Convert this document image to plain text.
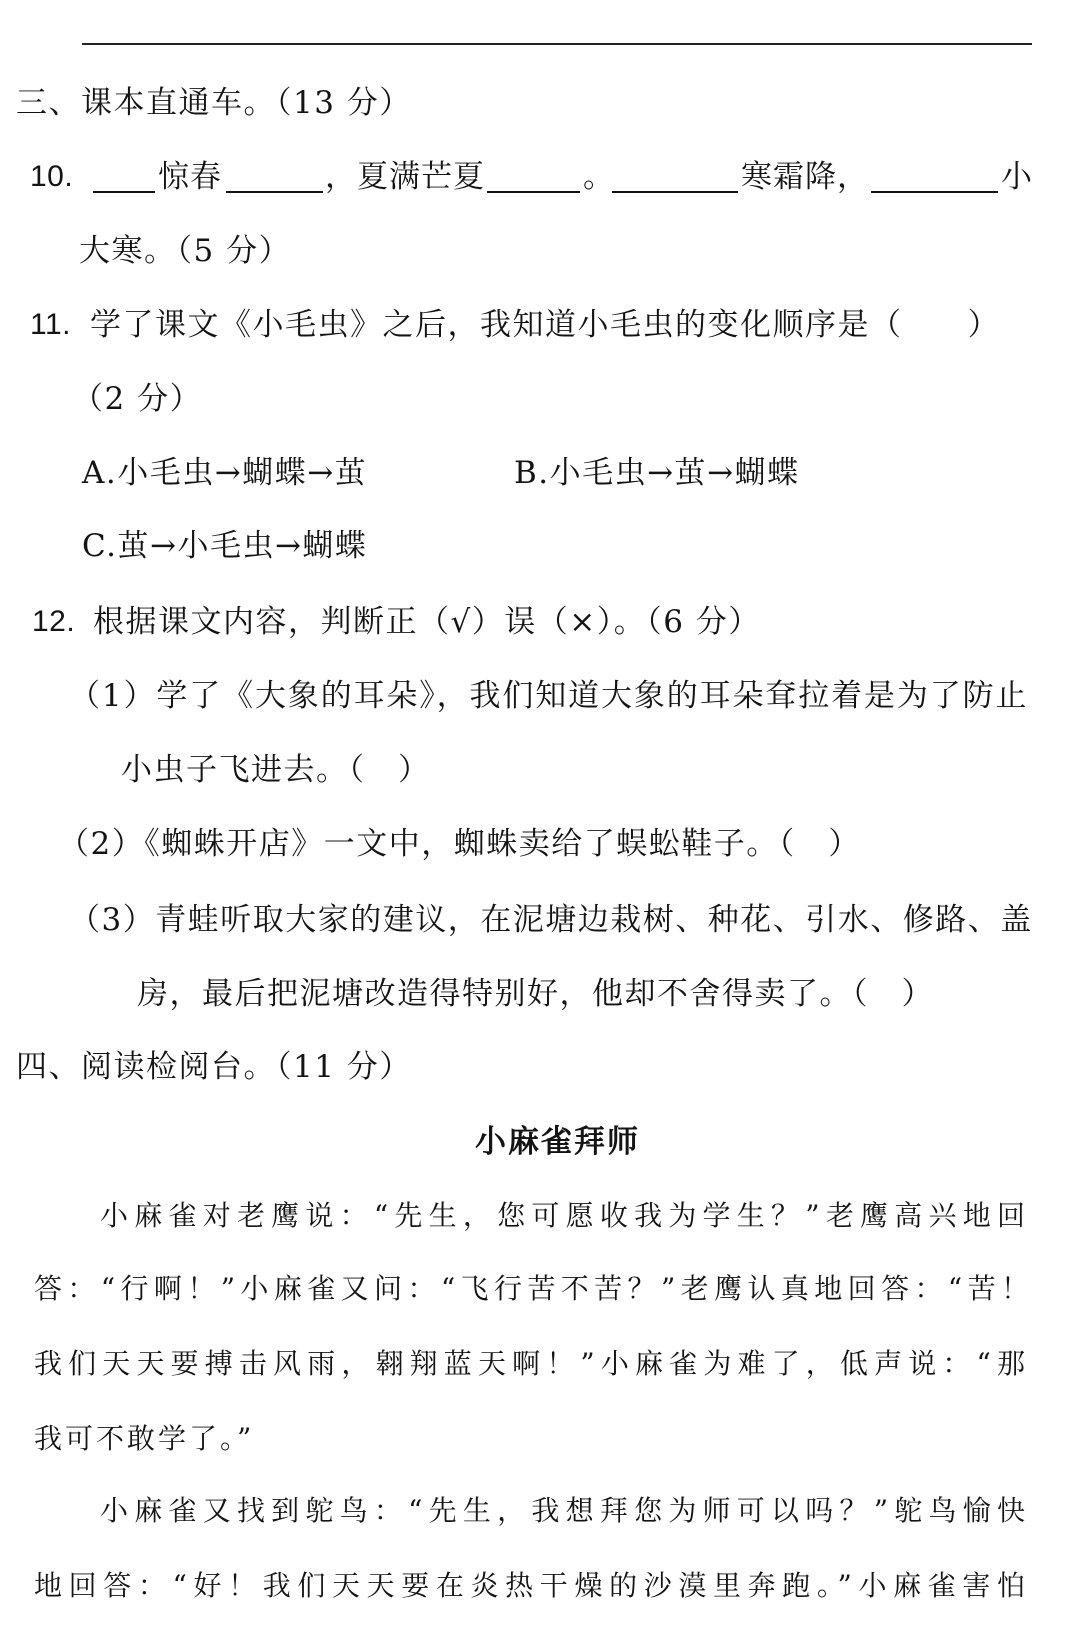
三、课本直通车。（13 分）
10.	惊春	，夏满芒夏	。	寒霜降，	小
大寒。（5 分）
11. 学了课文《小毛虫》之后，我知道小毛虫的变化顺序是（　　）
（2 分）
A.小毛虫→蝴蝶→茧	B.小毛虫→茧→蝴蝶
C.茧→小毛虫→蝴蝶
12. 根据课文内容，判断正（√）误（×）。（6 分）
（1）学了《大象的耳朵》，我们知道大象的耳朵耷拉着是为了防止
小虫子飞进去。（　）
（2）《蜘蛛开店》一文中，蜘蛛卖给了蜈蚣鞋子。（　）
（3）青蛙听取大家的建议，在泥塘边栽树、种花、引水、修路、盖
房，最后把泥塘改造得特别好，他却不舍得卖了。（　）
四、阅读检阅台。（11 分）
小麻雀拜师
小麻雀对老鹰说：“先生，您可愿收我为学生？”老鹰高兴地回
答：“行啊！”小麻雀又问：“飞行苦不苦？”老鹰认真地回答：“苦！
我们天天要搏击风雨，翱翔蓝天啊！”小麻雀为难了，低声说：“那
我可不敢学了。”
小麻雀又找到鸵鸟：“先生，我想拜您为师可以吗？”鸵鸟愉快
地回答：“好！我们天天要在炎热干燥的沙漠里奔跑。”小麻雀害怕
